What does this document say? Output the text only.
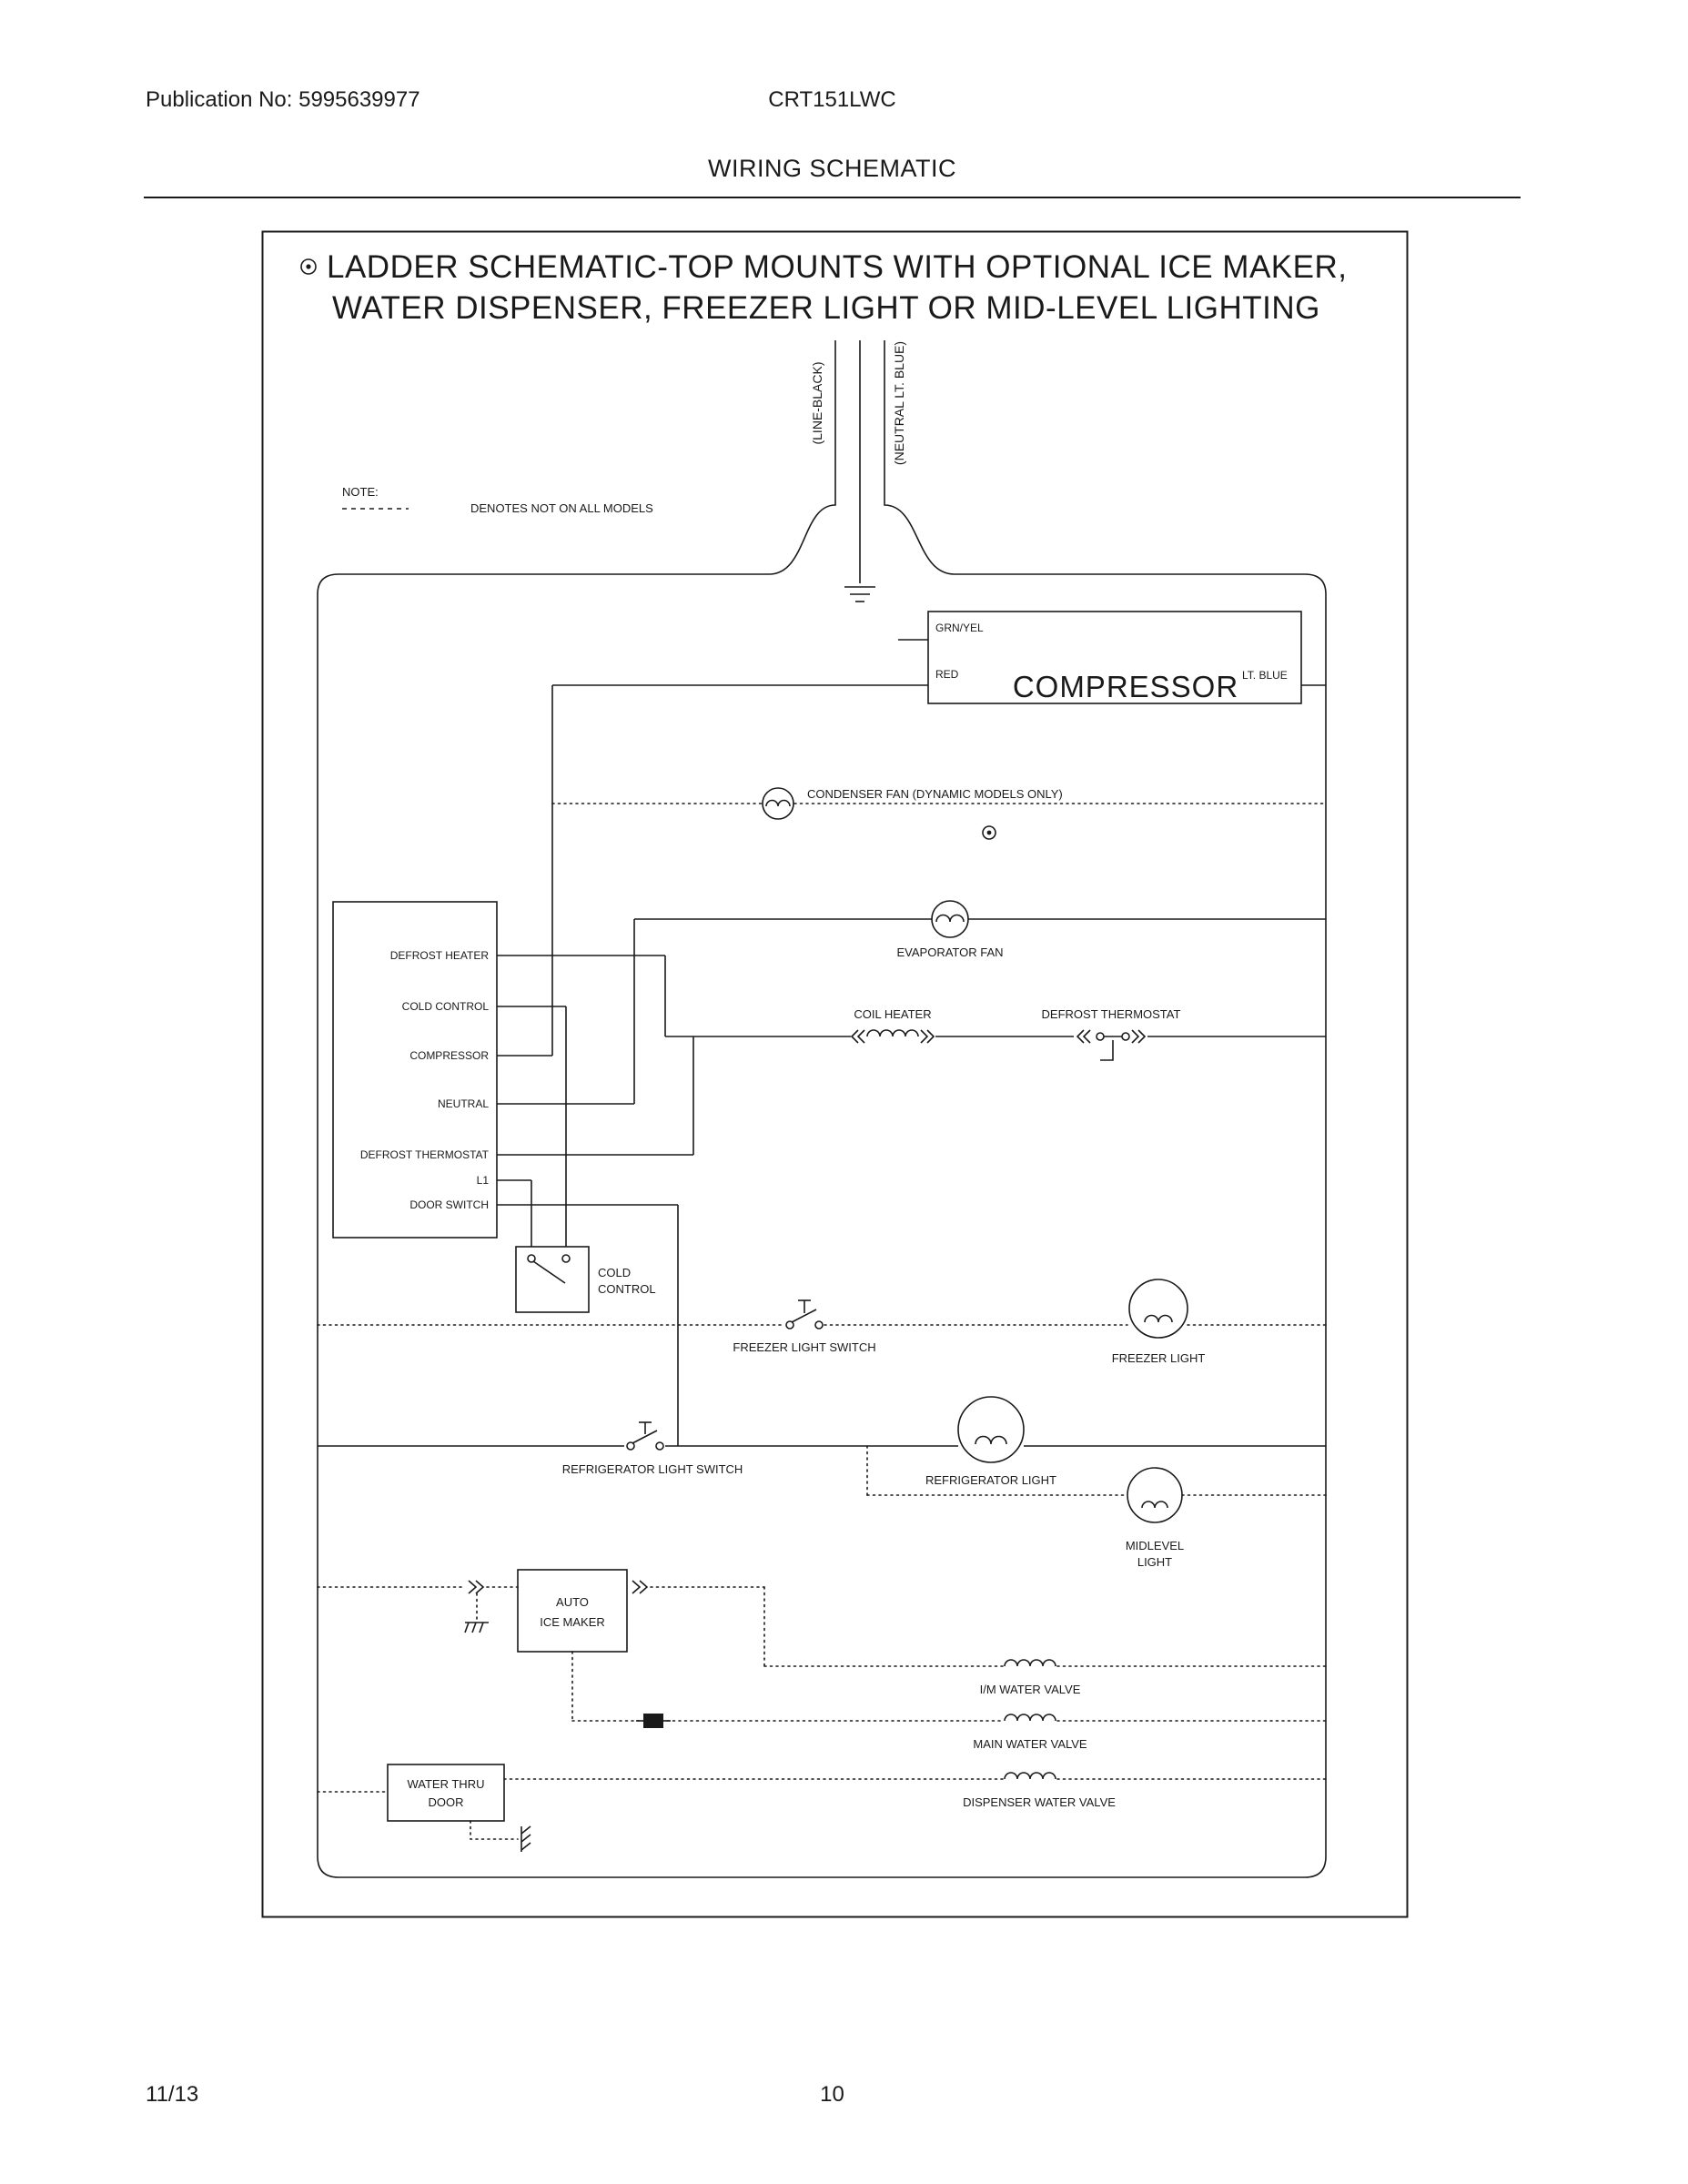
Publication No: 5995639977	CRT151LWC
WIRING SCHEMATIC
LADDER SCHEMATIC-TOP MOUNTS WITH OPTIONAL ICE MAKER,
WATER DISPENSER, FREEZER LIGHT OR MID-LEVEL LIGHTING
NOTE:
DENOTES NOT ON ALL MODELS
(LINE-BLACK)	(NEUTRAL LT. BLUE)
GRN/YEL
RED COMPRESSOR LT. BLUE
CONDENSER FAN (DYNAMIC MODELS ONLY)
EVAPORATOR FAN
COIL HEATER	DEFROST THERMOSTAT
DEFROST HEATER
COLD CONTROL
COMPRESSOR
NEUTRAL
DEFROST THERMOSTAT
L1
DOOR SWITCH
COLD
CONTROL
FREEZER LIGHT SWITCH
FREEZER LIGHT
REFRIGERATOR LIGHT SWITCH
REFRIGERATOR LIGHT
MIDLEVEL
LIGHT
AUTO
ICE MAKER
I/M WATER VALVE
MAIN WATER VALVE
DISPENSER WATER VALVE
WATER THRU
DOOR
11/13	10
